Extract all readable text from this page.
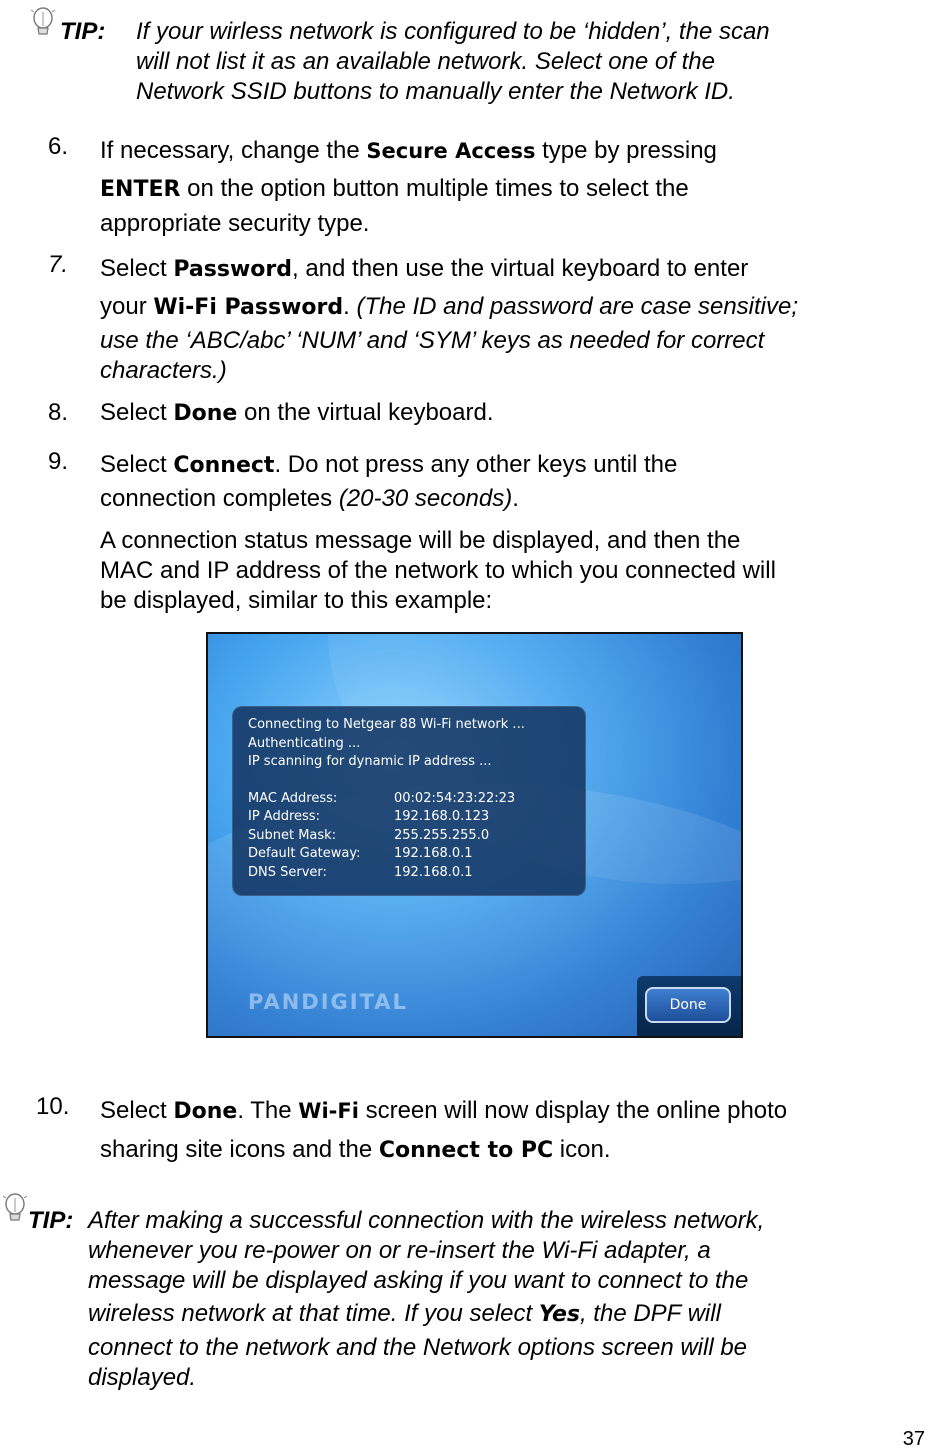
TIP: If your wirless network is configured to be ‘hidden’, the scan
will not list it as an available network. Select one of the
Network SSID buttons to manually enter the Network ID.
6. If necessary, change the Secure Access type by pressing
ENTER on the option button multiple times to select the
appropriate security type.
7. Select Password, and then use the virtual keyboard to enter
your Wi-Fi Password. (The ID and password are case sensitive;
use the ‘ABC/abc’ ‘NUM’ and ‘SYM’ keys as needed for correct
characters.)
8. Select Done on the virtual keyboard.
9. Select Connect. Do not press any other keys until the
connection completes (20-30 seconds).
A connection status message will be displayed, and then the
MAC and IP address of the network to which you connected will
be displayed, similar to this example:
Connecting to Netgear 88 Wi-Fi network ...
Authenticating ...
IP scanning for dynamic IP address ...
MAC Address:	00:02:54:23:22:23
IP Address:	192.168.0.123
Subnet Mask:	255.255.255.0
Default Gateway:	192.168.0.1
DNS Server:	192.168.0.1
PANDIGITAL	Done
10. Select Done. The Wi-Fi screen will now display the online photo
sharing site icons and the Connect to PC icon.
TIP: After making a successful connection with the wireless network,
whenever you re-power on or re-insert the Wi-Fi adapter, a
message will be displayed asking if you want to connect to the
wireless network at that time. If you select Yes, the DPF will
connect to the network and the Network options screen will be
displayed.
37
